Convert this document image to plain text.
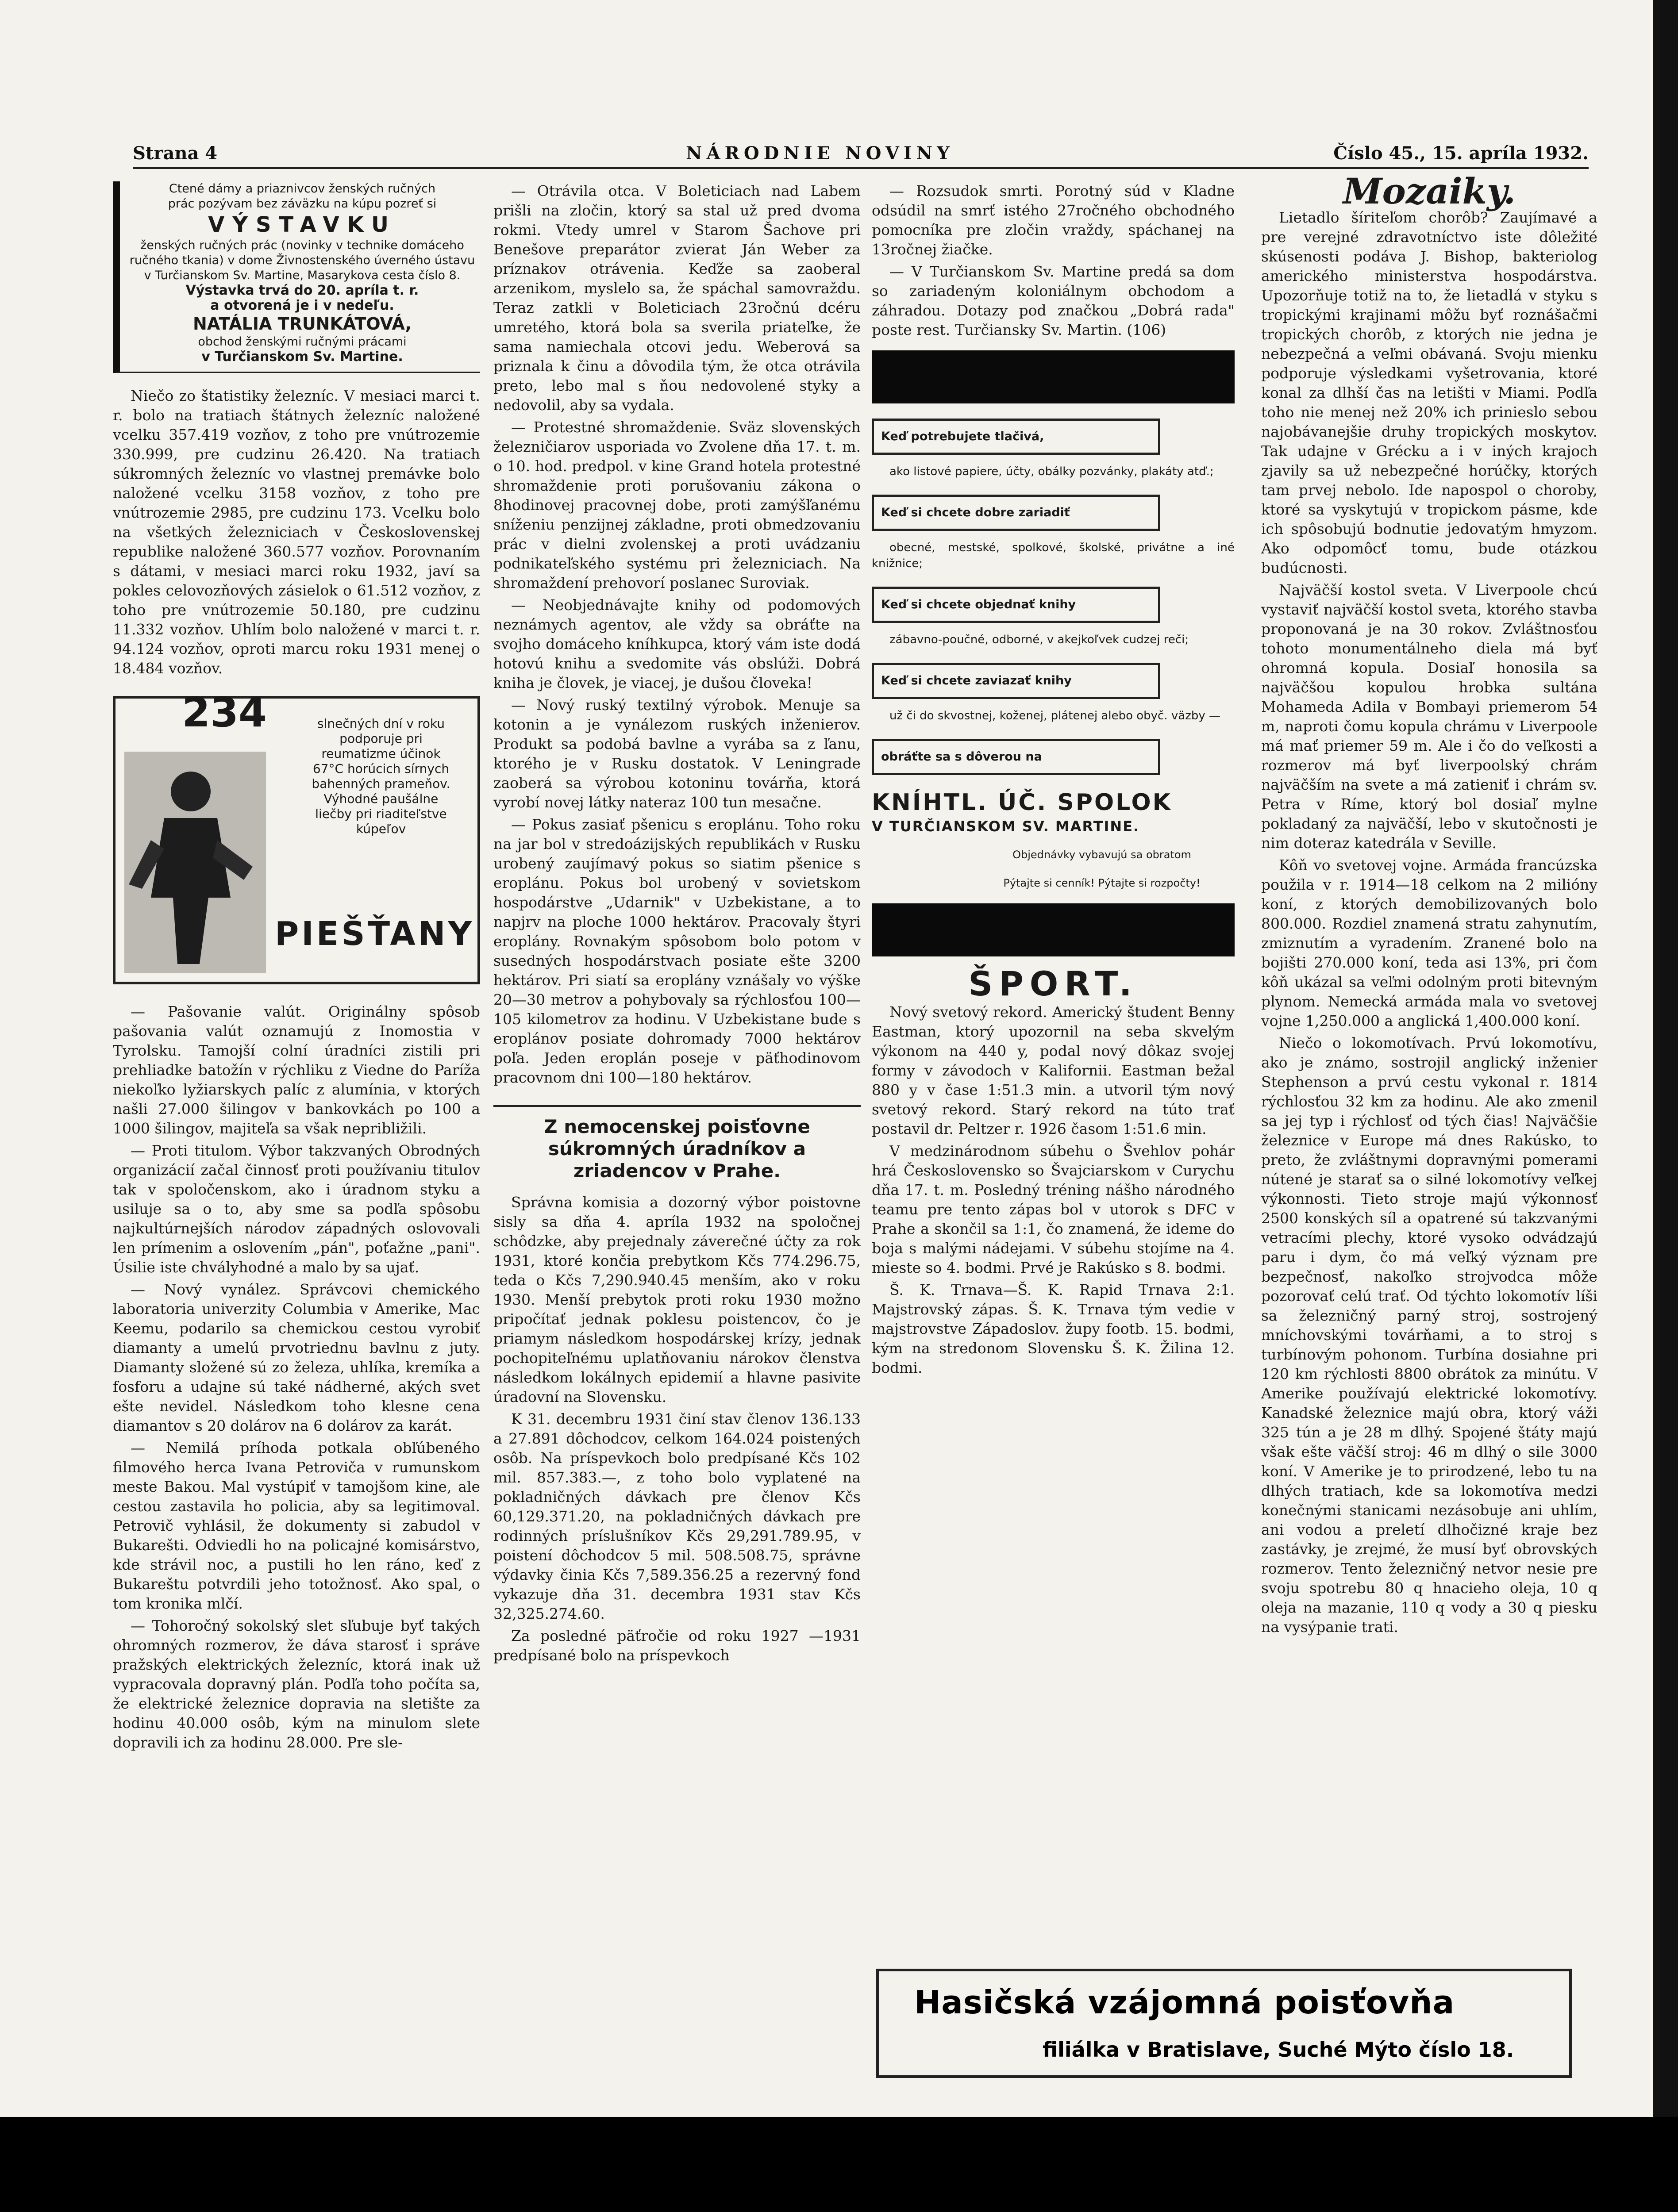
Strana 4	NÁRODNIE NOVINY	Číslo 45., 15. apríla 1932.
Ctené dámy a priaznivcov ženských ručných
prác pozývam bez záväzku na kúpu pozreť si
VÝSTAVKU
ženských ručných prác (novinky v technike domáceho ručného tkania) v dome Živnostenského úverného ústavu v Turčianskom Sv. Martine, Masarykova cesta číslo 8.
Výstavka trvá do 20. apríla t. r.
a otvorená je i v nedeľu.
NATÁLIA TRUNKÁTOVÁ,
obchod ženskými ručnými prácami
v Turčianskom Sv. Martine.

Niečo zo štatistiky železníc. V mesiaci marci t. r. bolo na tratiach štátnych železníc naložené vcelku 357.419 vozňov, z toho pre vnútrozemie 330.999, pre cudzinu 26.420. Na tratiach súkromných železníc vo vlastnej premávke bolo naložené vcelku 3158 vozňov, z toho pre vnútrozemie 2985, pre cudzinu 173. Vcelku bolo na všetkých železniciach v Československej republike naložené 360.577 vozňov. Porovnaním s dátami, v mesiaci marci roku 1932, javí sa pokles celovozňových zásielok o 61.512 vozňov, z toho pre vnútrozemie 50.180, pre cudzinu 11.332 vozňov. Uhlím bolo naložené v marci t. r. 94.124 vozňov, oproti marcu roku 1931 menej o 18.484 vozňov.

234	slnečných dní v roku podporuje pri reumatizme účinok 67°C horúcich sírnych bahenných prameňov. Výhodné paušálne liečby pri riaditeľstve kúpeľov
PIEŠŤANY

— Pašovanie valút. Originálny spôsob pašovania valút oznamujú z Inomostia v Tyrolsku. Tamojší colní úradníci zistili pri prehliadke batožín v rýchliku z Viedne do Paríža niekoľko lyžiarskych palíc z alumínia, v ktorých našli 27.000 šilingov v bankovkách po 100 a 1000 šilingov, majiteľa sa však nepribližili.

— Proti titulom. Výbor takzvaných Obrodných organizácií začal činnosť proti používaniu titulov tak v spoločenskom, ako i úradnom styku a usiluje sa o to, aby sme sa podľa spôsobu najkultúrnejších národov západných oslovovali len prímenim a oslovením „pán", poťažne „pani". Úsilie iste chvályhodné a malo by sa ujať.

— Nový vynález. Správcovi chemického laboratoria univerzity Columbia v Amerike, Mac Keemu, podarilo sa chemickou cestou vyrobiť diamanty a umelú prvotriednu bavlnu z juty. Diamanty složené sú zo železa, uhlíka, kremíka a fosforu a udajne sú také nádherné, akých svet ešte nevidel. Následkom toho klesne cena diamantov s 20 dolárov na 6 dolárov za karát.

— Nemilá príhoda potkala obľúbeného filmového herca Ivana Petroviča v rumunskom meste Bakou. Mal vystúpiť v tamojšom kine, ale cestou zastavila ho policia, aby sa legitimoval. Petrovič vyhlásil, že dokumenty si zabudol v Bukarešti. Odviedli ho na policajné komisárstvo, kde strávil noc, a pustili ho len ráno, keď z Bukareštu potvrdili jeho totožnosť. Ako spal, o tom kronika mlčí.

— Tohoročný sokolský slet sľubuje byť takých ohromných rozmerov, že dáva starosť i správe pražských elektrických železníc, ktorá inak už vypracovala dopravný plán. Podľa toho počíta sa, že elektrické železnice dopravia na sletište za hodinu 40.000 osôb, kým na minulom slete dopravili ich za hodinu 28.000. Pre sle-

— Otrávila otca. V Boleticiach nad Labem prišli na zločin, ktorý sa stal už pred dvoma rokmi. Vtedy umrel v Starom Šachove pri Benešove preparátor zvierat Ján Weber za príznakov otrávenia. Keďže sa zaoberal arzenikom, myslelo sa, že spáchal samovraždu. Teraz zatkli v Boleticiach 23ročnú dcéru umretého, ktorá bola sa sverila priateľke, že sama namiechala otcovi jedu. Weberová sa priznala k činu a dôvodila tým, že otca otrávila preto, lebo mal s ňou nedovolené styky a nedovolil, aby sa vydala.

— Protestné shromaždenie. Sväz slovenských železničiarov usporiada vo Zvolene dňa 17. t. m. o 10. hod. predpol. v kine Grand hotela protestné shromaždenie proti porušovaniu zákona o 8hodinovej pracovnej dobe, proti zamýšľanému sníženiu penzijnej základne, proti obmedzovaniu prác v dielni zvolenskej a proti uvádzaniu podnikateľského systému pri železniciach. Na shromaždení prehovorí poslanec Suroviak.

— Neobjednávajte knihy od podomových neznámych agentov, ale vždy sa obráťte na svojho domáceho kníhkupca, ktorý vám iste dodá hotovú knihu a svedomite vás obslúži. Dobrá kniha je človek, je viacej, je dušou človeka!

— Nový ruský textilný výrobok. Menuje sa kotonin a je vynálezom ruských inženierov. Produkt sa podobá bavlne a vyrába sa z ľanu, ktorého je v Rusku dostatok. V Leningrade zaoberá sa výrobou kotoninu továrňa, ktorá vyrobí novej látky nateraz 100 tun mesačne.

— Pokus zasiať pšenicu s eroplánu. Toho roku na jar bol v stredoázijských republikách v Rusku urobený zaujímavý pokus so siatim pšenice s eroplánu. Pokus bol urobený v sovietskom hospodárstve „Udarnik" v Uzbekistane, a to napjrv na ploche 1000 hektárov. Pracovaly štyri eroplány. Rovnakým spôsobom bolo potom v susedných hospodárstvach posiate ešte 3200 hektárov. Pri siatí sa eroplány vznášaly vo výške 20—30 metrov a pohybovaly sa rýchlosťou 100—105 kilometrov za hodinu. V Uzbekistane bude s eroplánov posiate dohromady 7000 hektárov poľa. Jeden eroplán poseje v päťhodinovom pracovnom dni 100—180 hektárov.

Z nemocenskej poisťovne súkromných úradníkov a zriadencov v Prahe.

Správna komisia a dozorný výbor poistovne sisly sa dňa 4. apríla 1932 na spoločnej schôdzke, aby prejednaly záverečné účty za rok 1931, ktoré končia prebytkom Kčs 774.296.75, teda o Kčs 7,290.940.45 menším, ako v roku 1930. Menší prebytok proti roku 1930 možno pripočítať jednak poklesu poistencov, čo je priamym následkom hospodárskej krízy, jednak pochopiteľnému uplatňovaniu nárokov členstva následkom lokálnych epidemií a hlavne pasivite úradovní na Slovensku.

K 31. decembru 1931 činí stav členov 136.133 a 27.891 dôchodcov, celkom 164.024 poistených osôb. Na príspevkoch bolo predpísané Kčs 102 mil. 857.383.—, z toho bolo vyplatené na pokladničných dávkach pre členov Kčs 60,129.371.20, na pokladničných dávkach pre rodinných príslušníkov Kčs 29,291.789.95, v poistení dôchodcov 5 mil. 508.508.75, správne výdavky činia Kčs 7,589.356.25 a rezervný fond vykazuje dňa 31. decembra 1931 stav Kčs 32,325.274.60.

Za posledné päťročie od roku 1927 —1931 predpísané bolo na príspevkoch

— Rozsudok smrti. Porotný súd v Kladne odsúdil na smrť istého 27ročného obchodného pomocníka pre zločin vraždy, spáchanej na 13ročnej žiačke.

— V Turčianskom Sv. Martine predá sa dom so zariadeným koloniálnym obchodom a záhradou. Dotazy pod značkou „Dobrá rada" poste rest. Turčiansky Sv. Martin. (106)

Keď potrebujete tlačivá,

ako listové papiere, účty, obálky pozvánky, plakáty atď.;

Keď si chcete dobre zariadiť

obecné, mestské, spolkové, školské, privátne a iné knižnice;

Keď si chcete objednať knihy

zábavno-poučné, odborné, v akejkoľvek cudzej reči;

Keď si chcete zaviazať knihy

už či do skvostnej, koženej, plátenej alebo obyč. väzby —

obráťte sa s dôverou na
KNÍHTL. ÚČ. SPOLOK
V TURČIANSKOM SV. MARTINE.
Objednávky vybavujú sa obratom
Pýtajte si cenník! Pýtajte si rozpočty!
ŠPORT.

Nový svetový rekord. Americký študent Benny Eastman, ktorý upozornil na seba skvelým výkonom na 440 y, podal nový dôkaz svojej formy v závodoch v Kalifornii. Eastman bežal 880 y v čase 1:51.3 min. a utvoril tým nový svetový rekord. Starý rekord na túto trať postavil dr. Peltzer r. 1926 časom 1:51.6 min.

V medzinárodnom súbehu o Švehlov pohár hrá Československo so Švajciarskom v Curychu dňa 17. t. m. Posledný tréning nášho národného teamu pre tento zápas bol v utorok s DFC v Prahe a skončil sa 1:1, čo znamená, že ideme do boja s malými nádejami. V súbehu stojíme na 4. mieste so 4. bodmi. Prvé je Rakúsko s 8. bodmi.

Š. K. Trnava—Š. K. Rapid Trnava 2:1. Majstrovský zápas. Š. K. Trnava tým vedie v majstrovstve Západoslov. župy footb. 15. bodmi, kým na stredonom Slovensku Š. K. Žilina 12. bodmi.

Mozaiky.

Lietadlo šíriteľom chorôb? Zaujímavé a pre verejné zdravotníctvo iste dôležité skúsenosti podáva J. Bishop, bakteriolog amerického ministerstva hospodárstva. Upozorňuje totiž na to, že lietadlá v styku s tropickými krajinami môžu byť roznášačmi tropických chorôb, z ktorých nie jedna je nebezpečná a veľmi obávaná. Svoju mienku podporuje výsledkami vyšetrovania, ktoré konal za dlhší čas na letišti v Miami. Podľa toho nie menej než 20% ich prinieslo sebou najobávanejšie druhy tropických moskytov. Tak udajne v Grécku a i v iných krajoch zjavily sa už nebezpečné horúčky, ktorých tam prvej nebolo. Ide napospol o choroby, ktoré sa vyskytujú v tropickom pásme, kde ich spôsobujú bodnutie jedovatým hmyzom. Ako odpomôcť tomu, bude otázkou budúcnosti.

Najväčší kostol sveta. V Liverpoole chcú vystaviť najväčší kostol sveta, ktorého stavba proponovaná je na 30 rokov. Zvláštnosťou tohoto monumentálneho diela má byť ohromná kopula. Dosiaľ honosila sa najväčšou kopulou hrobka sultána Mohameda Adila v Bombayi priemerom 54 m, naproti čomu kopula chrámu v Liverpoole má mať priemer 59 m. Ale i čo do veľkosti a rozmerov má byť liverpoolský chrám najväčším na svete a má zatieniť i chrám sv. Petra v Ríme, ktorý bol dosiaľ mylne pokladaný za najväčší, lebo v skutočnosti je nim doteraz katedrála v Seville.

Kôň vo svetovej vojne. Armáda francúzska použila v r. 1914—18 celkom na 2 milióny koní, z ktorých demobilizovaných bolo 800.000. Rozdiel znamená stratu zahynutím, zmiznutím a vyradením. Zranené bolo na bojišti 270.000 koní, teda asi 13%, pri čom kôň ukázal sa veľmi odolným proti bitevným plynom. Nemecká armáda mala vo svetovej vojne 1,250.000 a anglická 1,400.000 koní.

Niečo o lokomotívach. Prvú lokomotívu, ako je známo, sostrojil anglický inženier Stephenson a prvú cestu vykonal r. 1814 rýchlosťou 32 km za hodinu. Ale ako zmenil sa jej typ i rýchlosť od tých čias! Najväčšie železnice v Europe má dnes Rakúsko, to preto, že zvláštnymi dopravnými pomerami nútené je starať sa o silné lokomotívy veľkej výkonnosti. Tieto stroje majú výkonnosť 2500 konských síl a opatrené sú takzvanými vetracími plechy, ktoré vysoko odvádzajú paru i dym, čo má veľký význam pre bezpečnosť, nakoľko strojvodca môže pozorovať celú trať. Od týchto lokomotív líši sa železničný parný stroj, sostrojený mníchovskými továrňami, a to stroj s turbínovým pohonom. Turbína dosiahne pri 120 km rýchlosti 8800 obrátok za minútu. V Amerike používajú elektrické lokomotívy. Kanadské železnice majú obra, ktorý váži 325 tún a je 28 m dlhý. Spojené štáty majú však ešte väčší stroj: 46 m dlhý o sile 3000 koní. V Amerike je to prirodzené, lebo tu na dlhých tratiach, kde sa lokomotíva medzi konečnými stanicami nezásobuje ani uhlím, ani vodou a preletí dlhočizné kraje bez zastávky, je zrejmé, že musí byť obrovských rozmerov. Tento železničný netvor nesie pre svoju spotrebu 80 q hnacieho oleja, 10 q oleja na mazanie, 110 q vody a 30 q piesku na vysýpanie trati.

Hasičská vzájomná poisťovňa
filiálka v Bratislave, Suché Mýto číslo 18.
